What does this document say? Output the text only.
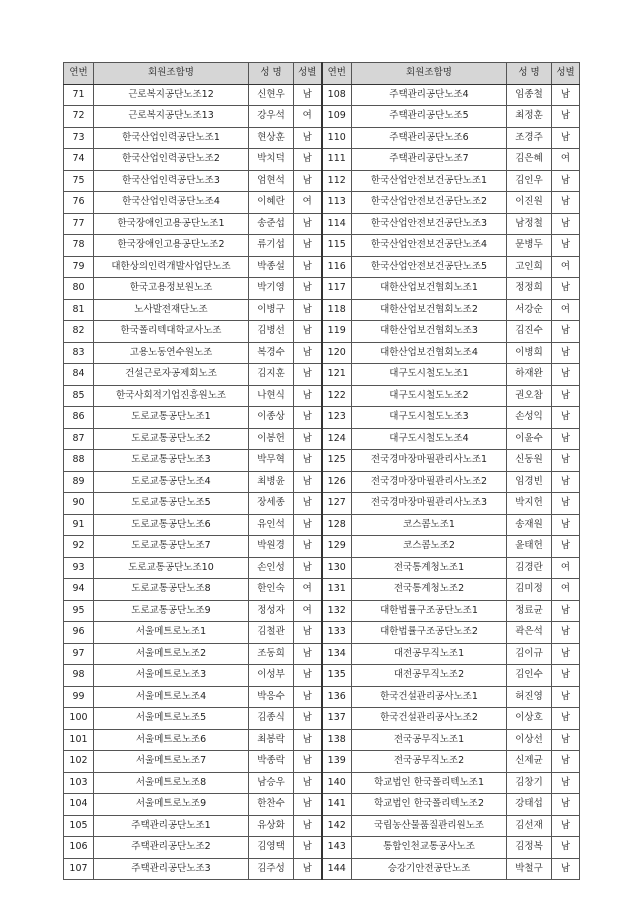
연번	회원조합명	성 명	성별	연번	회원조합명	성 명	성별
71	근로복지공단노조12	신현우	남	108	주택관리공단노조4	임종철	남
72	근로복지공단노조13	강우석	여	109	주택관리공단노조5	최정훈	남
73	한국산업인력공단노조1	현상훈	남	110	주택관리공단노조6	조경주	남
74	한국산업인력공단노조2	박치덕	남	111	주택관리공단노조7	김은혜	여
75	한국산업인력공단노조3	엄현석	남	112	한국산업안전보건공단노조1	김인우	남
76	한국산업인력공단노조4	이혜란	여	113	한국산업안전보건공단노조2	이진원	남
77	한국장애인고용공단노조1	송준섭	남	114	한국산업안전보건공단노조3	남정철	남
78	한국장애인고용공단노조2	류기섭	남	115	한국산업안전보건공단노조4	문병두	남
79	대한상의인력개발사업단노조	박종설	남	116	한국산업안전보건공단노조5	고인희	여
80	한국고용정보원노조	박기영	남	117	대한산업보건협회노조1	정정희	남
81	노사발전재단노조	이병구	남	118	대한산업보건협회노조2	서강순	여
82	한국폴리텍대학교사노조	김병선	남	119	대한산업보건협회노조3	김진수	남
83	고용노동연수원노조	복경수	남	120	대한산업보건협회노조4	이병희	남
84	건설근로자공제회노조	김지훈	남	121	대구도시철도노조1	하재완	남
85	한국사회적기업진흥원노조	나현식	남	122	대구도시철도노조2	권오참	남
86	도로교통공단노조1	이종상	남	123	대구도시철도노조3	손성익	남
87	도로교통공단노조2	이봉헌	남	124	대구도시철도노조4	이윤수	남
88	도로교통공단노조3	박무혁	남	125	전국경마장마필관리사노조1	신동원	남
89	도로교통공단노조4	최병윤	남	126	전국경마장마필관리사노조2	임경빈	남
90	도로교통공단노조5	장세종	남	127	전국경마장마필관리사노조3	박지헌	남
91	도로교통공단노조6	유인석	남	128	코스콤노조1	송재원	남
92	도로교통공단노조7	박원경	남	129	코스콤노조2	윤태헌	남
93	도로교통공단노조10	손인성	남	130	전국통계청노조1	김경란	여
94	도로교통공단노조8	한인숙	여	131	전국통계청노조2	김미정	여
95	도로교통공단노조9	정성자	여	132	대한법률구조공단노조1	정료균	남
96	서울메트로노조1	김철관	남	133	대한법률구조공단노조2	곽은석	남
97	서울메트로노조2	조동희	남	134	대전공무직노조1	김이규	남
98	서울메트로노조3	이성부	남	135	대전공무직노조2	김인수	남
99	서울메트로노조4	박응수	남	136	한국건설관리공사노조1	허진영	남
100	서울메트로노조5	김종식	남	137	한국건설관리공사노조2	이상호	남
101	서울메트로노조6	최봉락	남	138	전국공무직노조1	이상선	남
102	서울메트로노조7	박종락	남	139	전국공무직노조2	신제균	남
103	서울메트로노조8	남승우	남	140	학교법인 한국폴리텍노조1	김창기	남
104	서울메트로노조9	한찬수	남	141	학교법인 한국폴리텍노조2	강태섭	남
105	주택관리공단노조1	유상화	남	142	국립농산물품질관리원노조	김선재	남
106	주택관리공단노조2	김영택	남	143	통합인천교통공사노조	김정복	남
107	주택관리공단노조3	김주성	남	144	승강기안전공단노조	박철구	남
